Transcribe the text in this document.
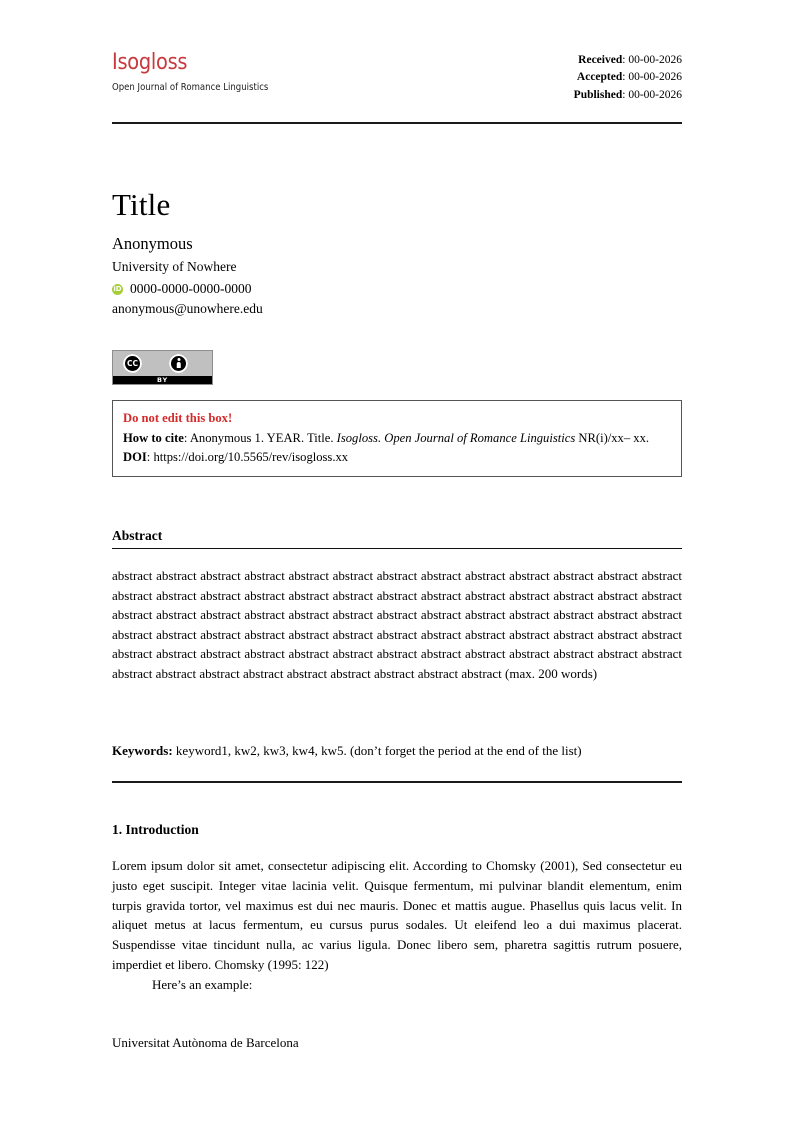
Isogloss
Open Journal of Romance Linguistics
Received: 00-00-2026
Accepted: 00-00-2026
Published: 00-00-2026
Title
Anonymous
University of Nowhere
iD 0000-0000-0000-0000
anonymous@unowhere.edu
CC
BY
Do not edit this box!
How to cite: Anonymous 1. YEAR. Title. Isogloss. Open Journal of Romance Linguistics NR(i)/xx– xx.
DOI: https://doi.org/10.5565/rev/isogloss.xx
Abstract
abstract abstract abstract abstract abstract abstract abstract abstract abstract abstract abstract abstract abstract abstract abstract abstract abstract abstract abstract abstract abstract abstract abstract abstract abstract abstract abstract abstract abstract abstract abstract abstract abstract abstract abstract abstract abstract abstract abstract abstract abstract abstract abstract abstract abstract abstract abstract abstract abstract abstract abstract abstract abstract abstract abstract abstract abstract abstract abstract abstract abstract abstract abstract abstract abstract abstract abstract abstract abstract abstract abstract abstract abstract abstract (max. 200 words)
Keywords: keyword1, kw2, kw3, kw4, kw5. (don’t forget the period at the end of the list)
1. Introduction

Lorem ipsum dolor sit amet, consectetur adipiscing elit. According to Chomsky (2001), Sed consectetur eu justo eget suscipit. Integer vitae lacinia velit. Quisque fermentum, mi pulvinar blandit elementum, enim turpis gravida tortor, vel maximus est dui nec mauris. Donec et mattis augue. Phasellus quis lacus velit. In aliquet metus at lacus fermentum, eu cursus purus sodales. Ut eleifend leo a dui maximus placerat. Suspendisse vitae tincidunt nulla, ac varius ligula. Donec libero sem, pharetra sagittis rutrum posuere, imperdiet et libero. Chomsky (1995: 122)

Here’s an example:

Universitat Autònoma de Barcelona
